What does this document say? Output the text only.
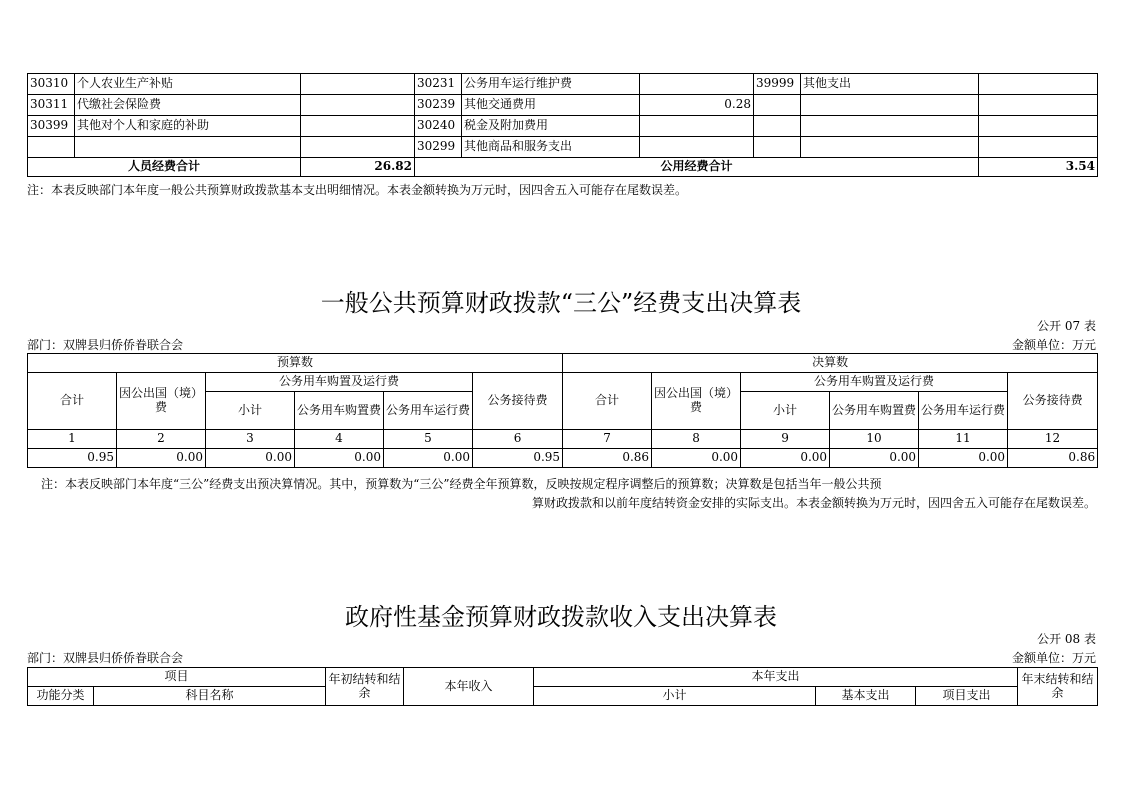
30310	个人农业生产补贴		30231	公务用车运行维护费		39999	其他支出	
30311	代缴社会保险费		30239	其他交通费用	0.28			
30399	其他对个人和家庭的补助		30240	税金及附加费用				
			30299	其他商品和服务支出				
人员经费合计		26.82	公用经费合计					3.54
注：本表反映部门本年度一般公共预算财政拨款基本支出明细情况。本表金额转换为万元时，因四舍五入可能存在尾数误差。
一般公共预算财政拨款“三公”经费支出决算表
公开 07 表
部门：双牌县归侨侨眷联合会	金额单位：万元
预算数						决算数					
合计	因公出国（境）费	公务用车购置及运行费			公务接待费	合计	因公出国（境）费	公务用车购置及运行费			公务接待费
		小计	公务用车购置费	公务用车运行费				小计	公务用车购置费	公务用车运行费	
1	2	3	4	5	6	7	8	9	10	11	12
0.95	0.00	0.00	0.00	0.00	0.95	0.86	0.00	0.00	0.00	0.00	0.86
注：本表反映部门本年度“三公”经费支出预决算情况。其中，预算数为“三公”经费全年预算数，反映按规定程序调整后的预算数；决算数是包括当年一般公共预
算财政拨款和以前年度结转资金安排的实际支出。本表金额转换为万元时，因四舍五入可能存在尾数误差。
政府性基金预算财政拨款收入支出决算表
公开 08 表
部门：双牌县归侨侨眷联合会	金额单位：万元
项目		年初结转和结余	本年收入	本年支出			年末结转和结余
功能分类	科目名称			小计	基本支出	项目支出	
